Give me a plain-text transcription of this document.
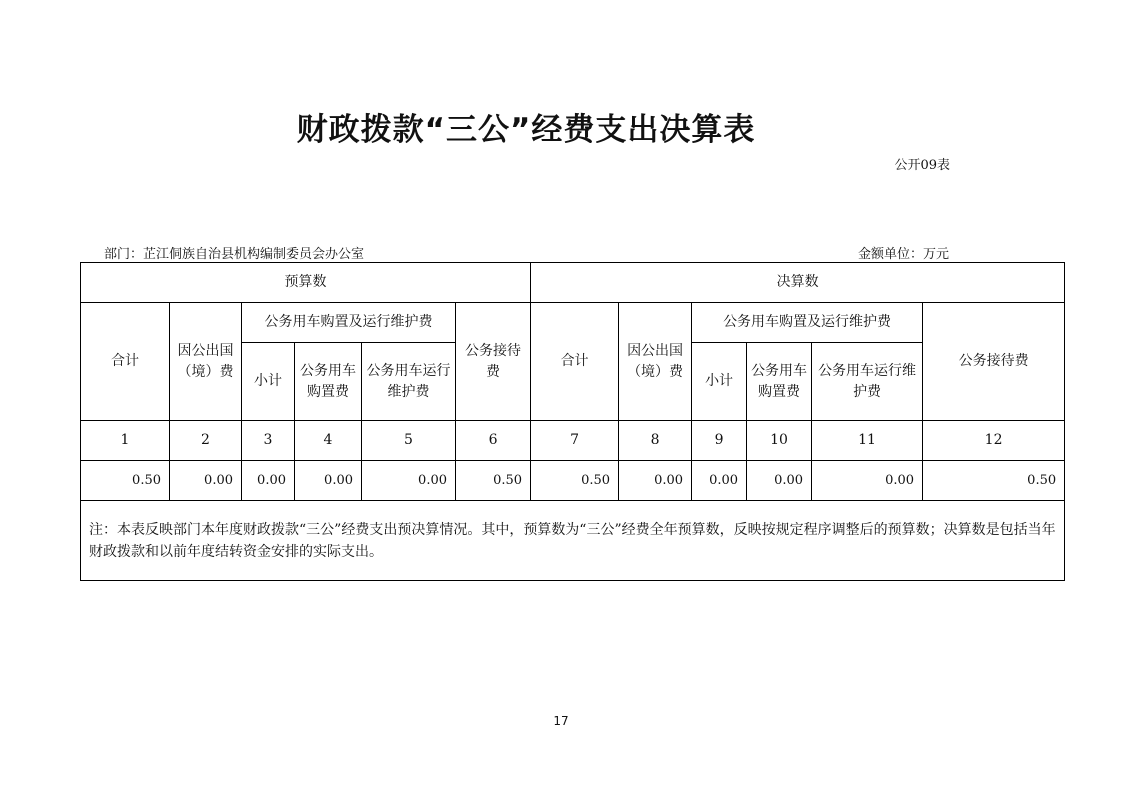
财政拨款“三公”经费支出决算表
公开09表
部门：芷江侗族自治县机构编制委员会办公室	金额单位：万元
预算数						决算数					
合计	因公出国（境）费	公务用车购置及运行维护费			公务接待费	合计	因公出国（境）费	公务用车购置及运行维护费			公务接待费
		小计	公务用车购置费	公务用车运行维护费				小计	公务用车购置费	公务用车运行维护费	
1	2	3	4	5	6	7	8	9	10	11	12
0.50	0.00	0.00	0.00	0.00	0.50	0.50	0.00	0.00	0.00	0.00	0.50
注：本表反映部门本年度财政拨款“三公”经费支出预决算情况。其中，预算数为“三公”经费全年预算数，反映按规定程序调整后的预算数；决算数是包括当年财政拨款和以前年度结转资金安排的实际支出。											
17
